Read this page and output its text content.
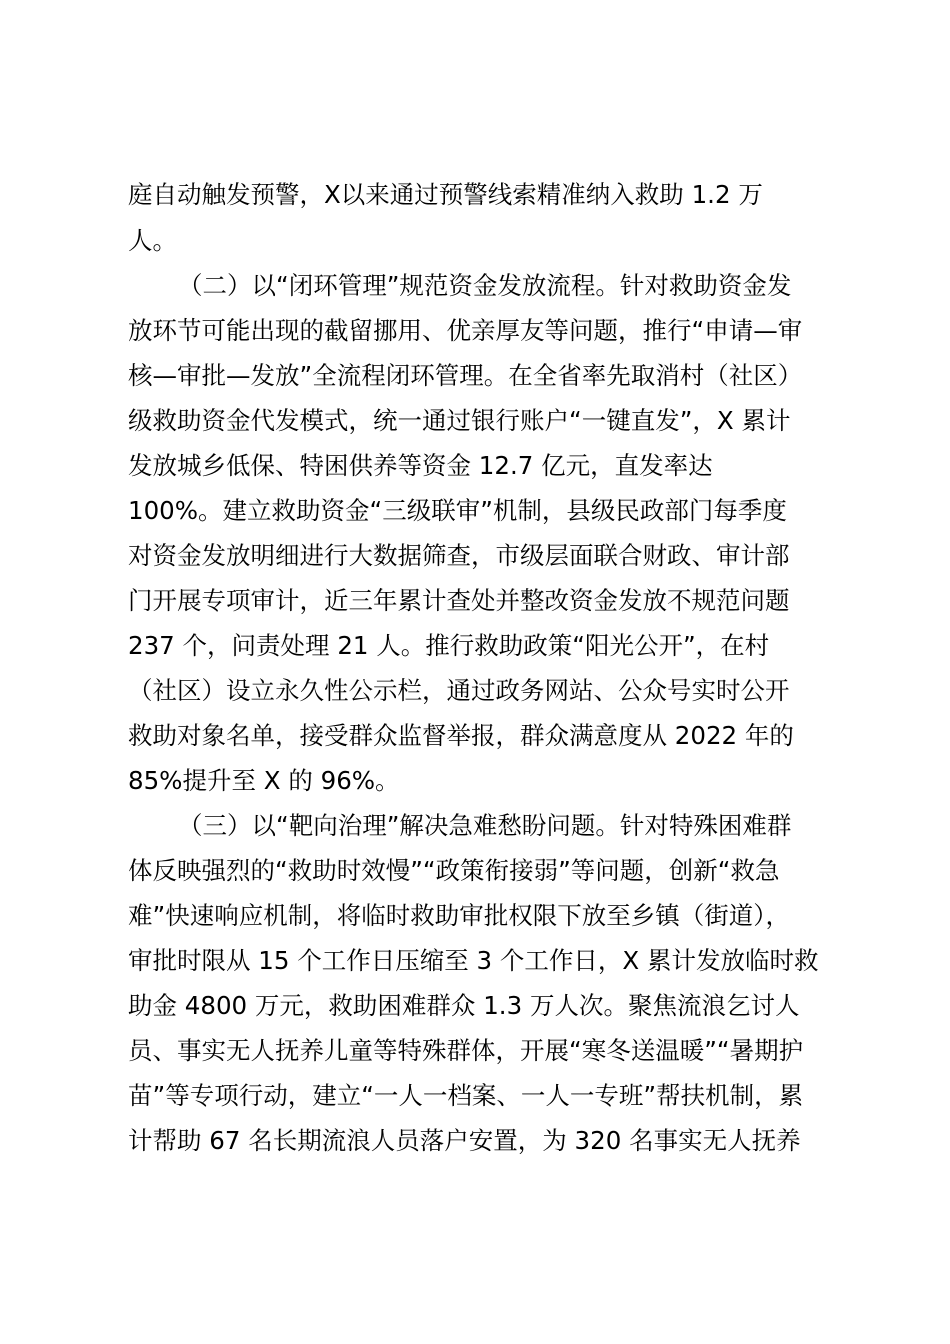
庭自动触发预警，X以来通过预警线索精准纳入救助 1.2 万
人。
（二）以“闭环管理”规范资金发放流程。针对救助资金发
放环节可能出现的截留挪用、优亲厚友等问题，推行“申请—审
核—审批—发放”全流程闭环管理。在全省率先取消村（社区）
级救助资金代发模式，统一通过银行账户“一键直发”，X 累计
发放城乡低保、特困供养等资金 12.7 亿元，直发率达
100%。建立救助资金“三级联审”机制，县级民政部门每季度
对资金发放明细进行大数据筛查，市级层面联合财政、审计部
门开展专项审计，近三年累计查处并整改资金发放不规范问题
237 个，问责处理 21 人。推行救助政策“阳光公开”，在村
（社区）设立永久性公示栏，通过政务网站、公众号实时公开
救助对象名单，接受群众监督举报，群众满意度从 2022 年的
85%提升至 X 的 96%。
（三）以“靶向治理”解决急难愁盼问题。针对特殊困难群
体反映强烈的“救助时效慢”“政策衔接弱”等问题，创新“救急
难”快速响应机制，将临时救助审批权限下放至乡镇（街道），
审批时限从 15 个工作日压缩至 3 个工作日，X 累计发放临时救
助金 4800 万元，救助困难群众 1.3 万人次。聚焦流浪乞讨人
员、事实无人抚养儿童等特殊群体，开展“寒冬送温暖”“暑期护
苗”等专项行动，建立“一人一档案、一人一专班”帮扶机制，累
计帮助 67 名长期流浪人员落户安置，为 320 名事实无人抚养
